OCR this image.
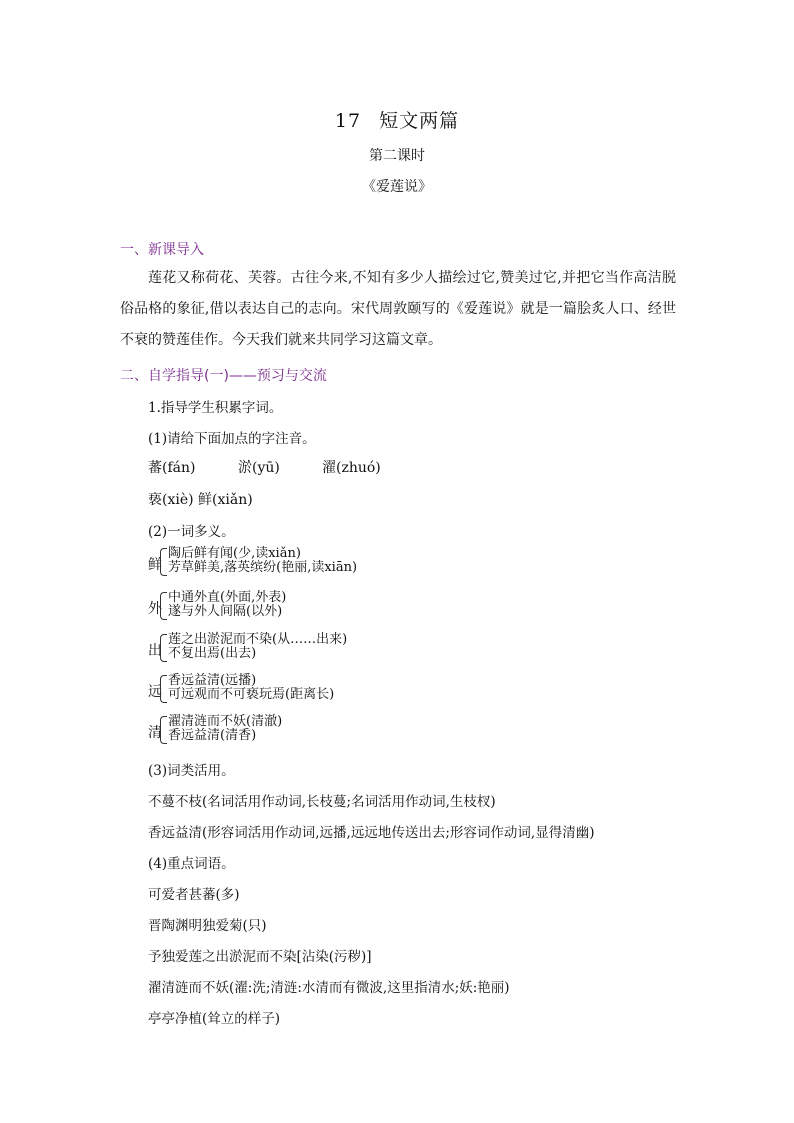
17 短文两篇
第二课时
《爱莲说》
一、新课导入
莲花又称荷花、芙蓉。古往今来,不知有多少人描绘过它,赞美过它,并把它当作高洁脱俗品格的象征,借以表达自己的志向。宋代周敦颐写的《爱莲说》就是一篇脍炙人口、经世不衰的赞莲佳作。今天我们就来共同学习这篇文章。
二、自学指导(一)——预习与交流
1.指导学生积累字词。
(1)请给下面加点的字注音。
蕃(fán)	淤(yū)	濯(zhuó)
亵(xiè) 鲜(xiǎn)
(2)一词多义。
鲜
陶后鲜有闻(少,读xiǎn)
芳草鲜美,落英缤纷(艳丽,读xiān)
外
中通外直(外面,外表)
遂与外人间隔(以外)
出
莲之出淤泥而不染(从……出来)
不复出焉(出去)
远
香远益清(远播)
可远观而不可亵玩焉(距离长)
清
濯清涟而不妖(清澈)
香远益清(清香)
(3)词类活用。
不蔓不枝(名词活用作动词,长枝蔓;名词活用作动词,生枝杈)
香远益清(形容词活用作动词,远播,远远地传送出去;形容词作动词,显得清幽)
(4)重点词语。
可爱者甚蕃(多)
晋陶渊明独爱菊(只)
予独爱莲之出淤泥而不染[沾染(污秽)]
濯清涟而不妖(濯:洗;清涟:水清而有微波,这里指清水;妖:艳丽)
亭亭净植(耸立的样子)
